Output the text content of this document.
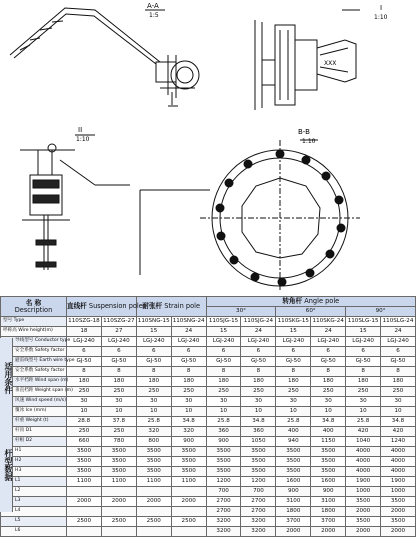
A-A
1:5
XXX
I
1:10
II
1:10
B-B
1:10
名 称
Description	直线杆 Suspension pole		耐张杆 Strain pole		转角杆 Angle pole					
					30°		60°		90°	
型号 Type	110SZG-18	110SZG-27	110SNG-15	110SNG-24	110SJG-15	110SJG-24	110SKG-15	110SKG-24	110SLG-15	110SLG-24
呼称高 Wire height(m)	18	27	15	24	15	24	15	24	15	24
导线型号 Conductor type	LGJ-240	LGJ-240	LGJ-240	LGJ-240	LGJ-240	LGJ-240	LGJ-240	LGJ-240	LGJ-240	LGJ-240
安全系数 Safety factor	6	6	6	6	6	6	6	6	6	6
避雷线型号 Earth wire type	GJ-50	GJ-50	GJ-50	GJ-50	GJ-50	GJ-50	GJ-50	GJ-50	GJ-50	GJ-50
安全系数 Safety factor	8	8	8	8	8	8	8	8	8	8
水平档距 Wind span (m)	180	180	180	180	180	180	180	180	180	180
垂直档距 Weight span (m)	250	250	250	250	250	250	250	250	250	250
风速 Wind speed (m/s)	30	30	30	30	30	30	30	30	30	30
覆冰 Ice (mm)	10	10	10	10	10	10	10	10	10	10
杆重 Weight (t)	28.8	37.8	25.8	34.8	25.8	34.8	25.8	34.8	25.8	34.8
杆顶 D1	250	250	320	320	360	360	400	400	420	420
杆根 D2	660	780	800	900	900	1050	940	1150	1040	1240
H1	3500	3500	3500	3500	3500	3500	3500	3500	4000	4000
H2	3500	3500	3500	3500	3500	3500	3500	3500	4000	4000
H3	3500	3500	3500	3500	3500	3500	3500	3500	4000	4000
L1	1100	1100	1100	1100	1200	1200	1600	1600	1900	1900
L2					700	700	900	900	1000	1000
L3	2000	2000	2000	2000	2700	2700	3100	3100	3500	3500
L4					2700	2700	1800	1800	2000	2000
L5	2500	2500	2500	2500	3200	3200	3700	3700	3500	3500
L6					3200	3200	2000	2000	2000	2000
适用条件
杆型数据
